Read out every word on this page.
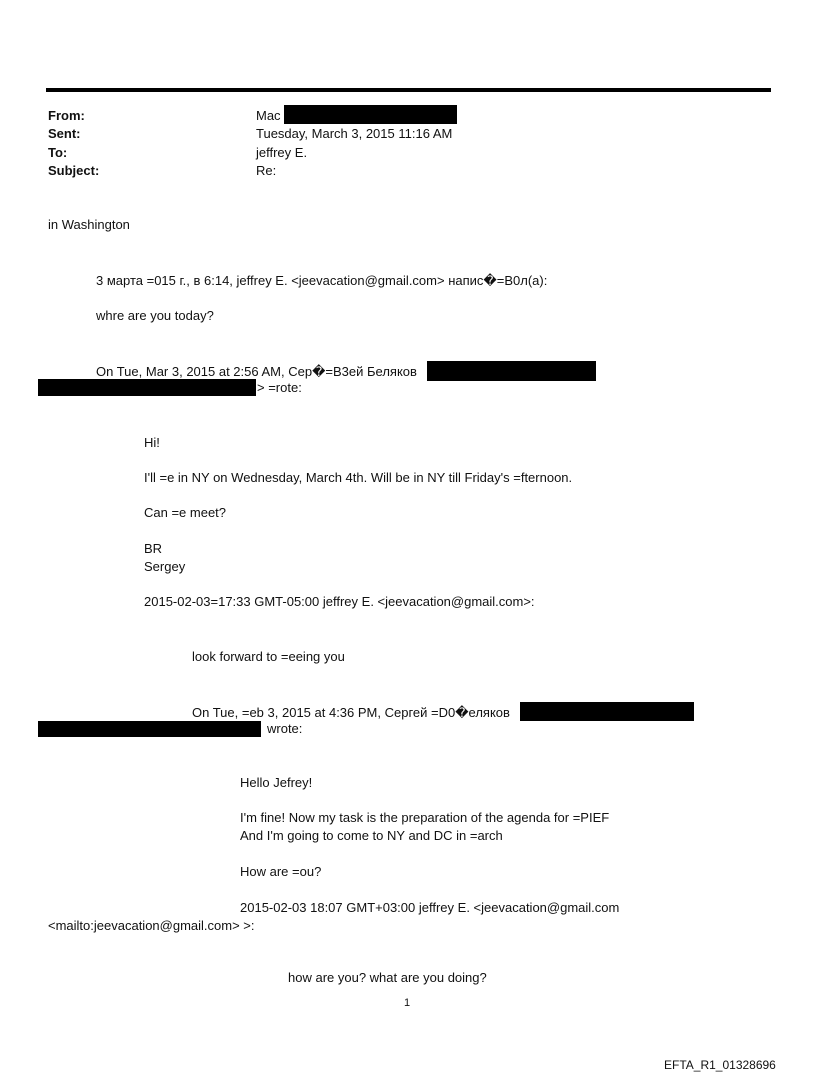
From:
Sent:
To:
Subject:
Mac
Tuesday, March 3, 2015 11:16 AM
jeffrey E.
Re:
in Washington
3 марта =015 г., в 6:14, jeffrey E. <jeevacation@gmail.com> напис�=B0л(а):
whre are you today?
On Tue, Mar 3, 2015 at 2:56 AM, Сер�=B3ей Беляков
> =rote:
Hi!
I'll =e in NY on Wednesday, March 4th. Will be in NY till Friday's =fternoon.
Can =e meet?
BR
Sergey
2015-02-03=17:33 GMT-05:00 jeffrey E. <jeevacation@gmail.com>:
look forward to =eeing you
On Tue, =eb 3, 2015 at 4:36 PM, Сергей =D0�еляков
wrote:
Hello Jefrey!
I'm fine! Now my task is the preparation of the agenda for =PIEF
And I'm going to come to NY and DC in =arch
How are =ou?
2015-02-03 18:07 GMT+03:00 jeffrey E. <jeevacation@gmail.com
<mailto:jeevacation@gmail.com> >:
how are you? what are you doing?
1
EFTA_R1_01328696
